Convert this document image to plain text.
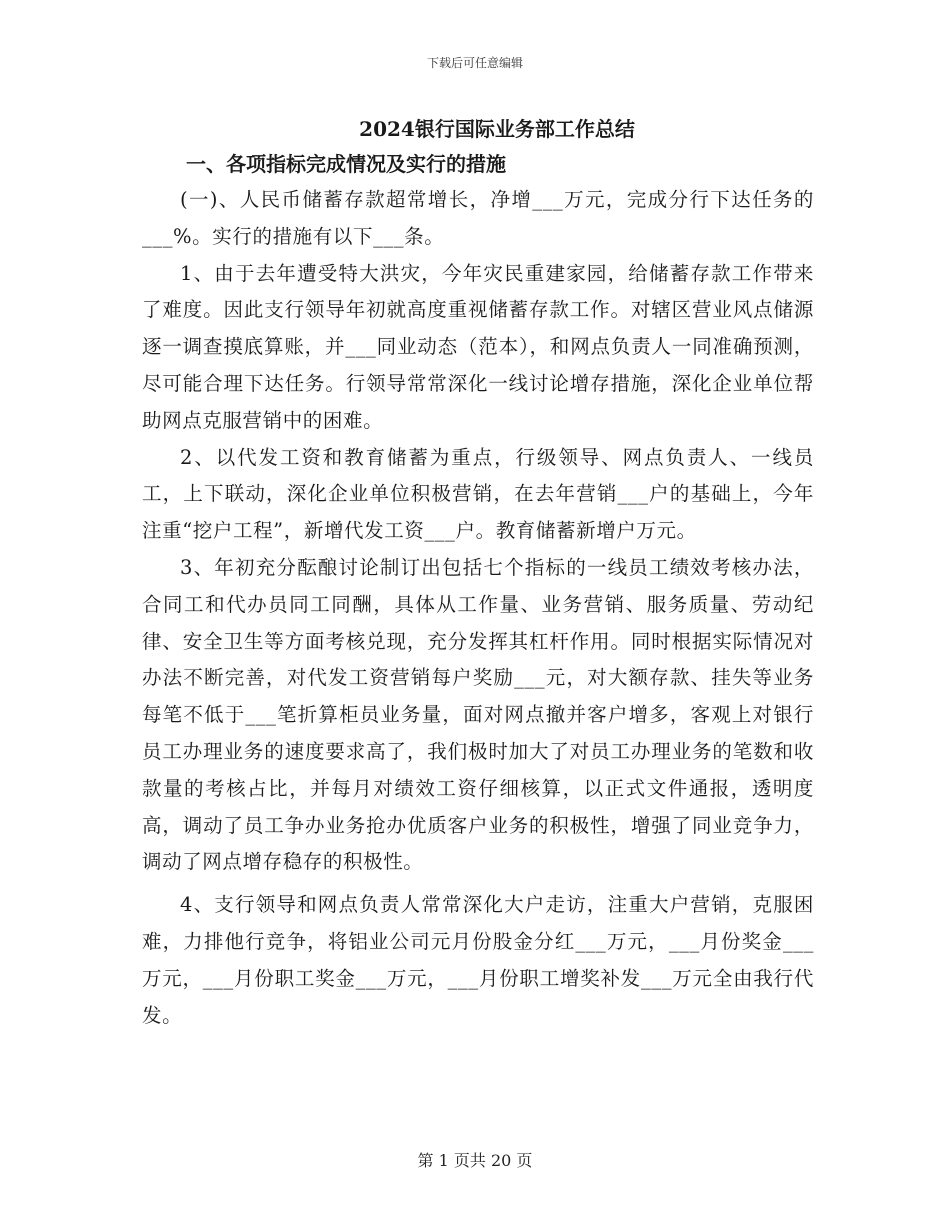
下载后可任意编辑
2024银行国际业务部工作总结
一、各项指标完成情况及实行的措施

(一)、人民币储蓄存款超常增长，净增___万元，完成分行下达任务的___%。实行的措施有以下___条。

1、由于去年遭受特大洪灾，今年灾民重建家园，给储蓄存款工作带来了难度。因此支行领导年初就高度重视储蓄存款工作。对辖区营业风点储源逐一调查摸底算账，并___同业动态（范本），和网点负责人一同准确预测，尽可能合理下达任务。行领导常常深化一线讨论增存措施，深化企业单位帮助网点克服营销中的困难。

2、以代发工资和教育储蓄为重点，行级领导、网点负责人、一线员工，上下联动，深化企业单位积极营销，在去年营销___户的基础上，今年注重“挖户工程”，新增代发工资___户。教育储蓄新增户万元。

3、年初充分酝酿讨论制订出包括七个指标的一线员工绩效考核办法，合同工和代办员同工同酬，具体从工作量、业务营销、服务质量、劳动纪律、安全卫生等方面考核兑现，充分发挥其杠杆作用。同时根据实际情况对办法不断完善，对代发工资营销每户奖励___元，对大额存款、挂失等业务每笔不低于___笔折算柜员业务量，面对网点撤并客户增多，客观上对银行员工办理业务的速度要求高了，我们极时加大了对员工办理业务的笔数和收款量的考核占比，并每月对绩效工资仔细核算，以正式文件通报，透明度高，调动了员工争办业务抢办优质客户业务的积极性，增强了同业竞争力，调动了网点增存稳存的积极性。

4、支行领导和网点负责人常常深化大户走访，注重大户营销，克服困难，力排他行竞争，将铝业公司元月份股金分红___万元，___月份奖金___万元，___月份职工奖金___万元，___月份职工增奖补发___万元全由我行代发。

第 1 页共 20 页
